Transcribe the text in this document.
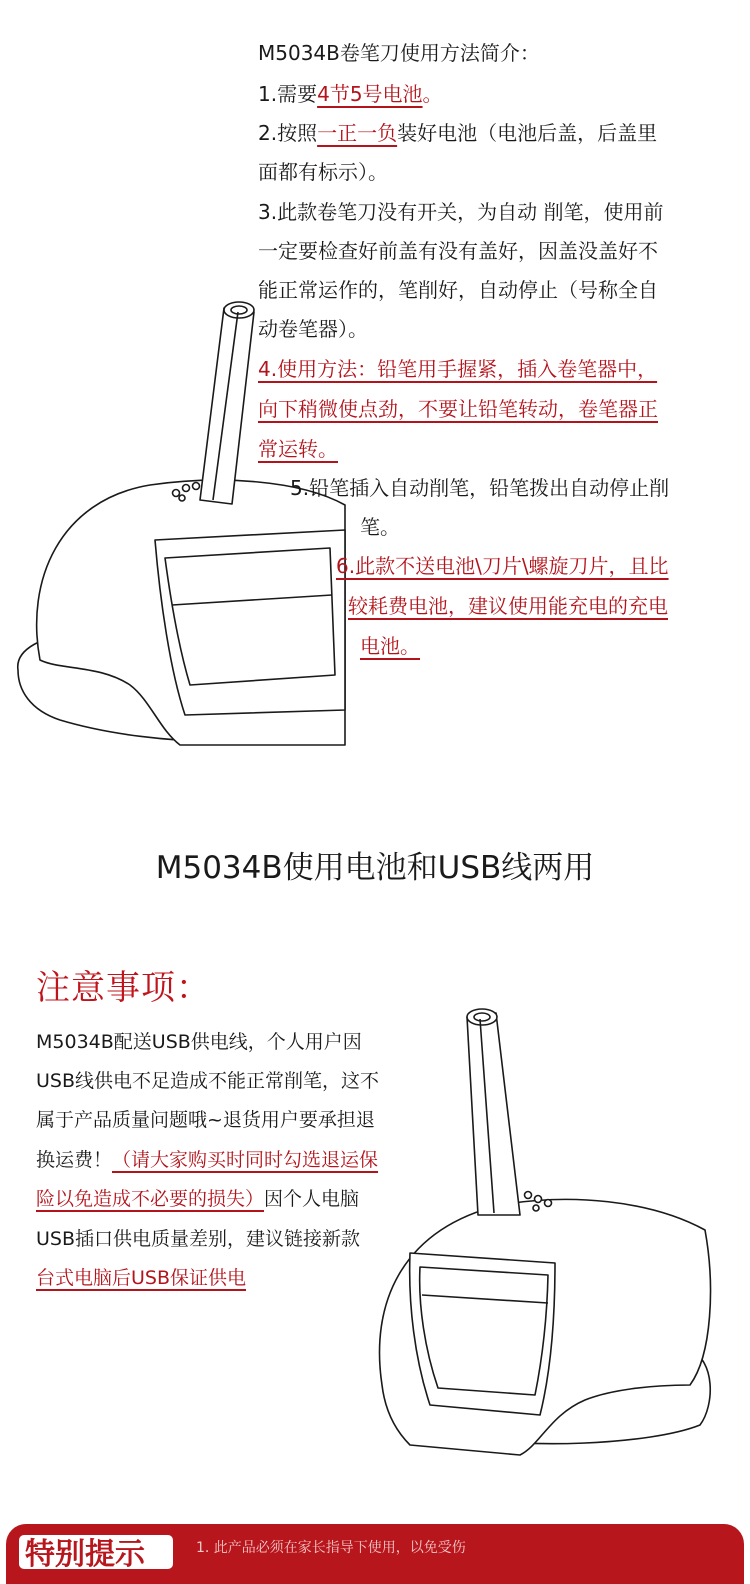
M5034B卷笔刀使用方法简介：
1.需要4节5号电池。
2.按照一正一负装好电池（电池后盖，后盖里
面都有标示）。
3.此款卷笔刀没有开关，为自动 削笔，使用前
一定要检查好前盖有没有盖好，因盖没盖好不
能正常运作的，笔削好，自动停止（号称全自
动卷笔器）。
4.使用方法：铅笔用手握紧，插入卷笔器中，
向下稍微使点劲，不要让铅笔转动，卷笔器正
常运转。
5.铅笔插入自动削笔，铅笔拨出自动停止削
笔。
6.此款不送电池\刀片\螺旋刀片，且比
较耗费电池，建议使用能充电的充电
电池。
M5034B使用电池和USB线两用
注意事项：
M5034B配送USB供电线，个人用户因
USB线供电不足造成不能正常削笔，这不
属于产品质量问题哦~退货用户要承担退
换运费！（请大家购买时同时勾选退运保
险以免造成不必要的损失）因个人电脑
USB插口供电质量差别，建议链接新款
台式电脑后USB保证供电
特别提示	1. 此产品必须在家长指导下使用，以免受伤
